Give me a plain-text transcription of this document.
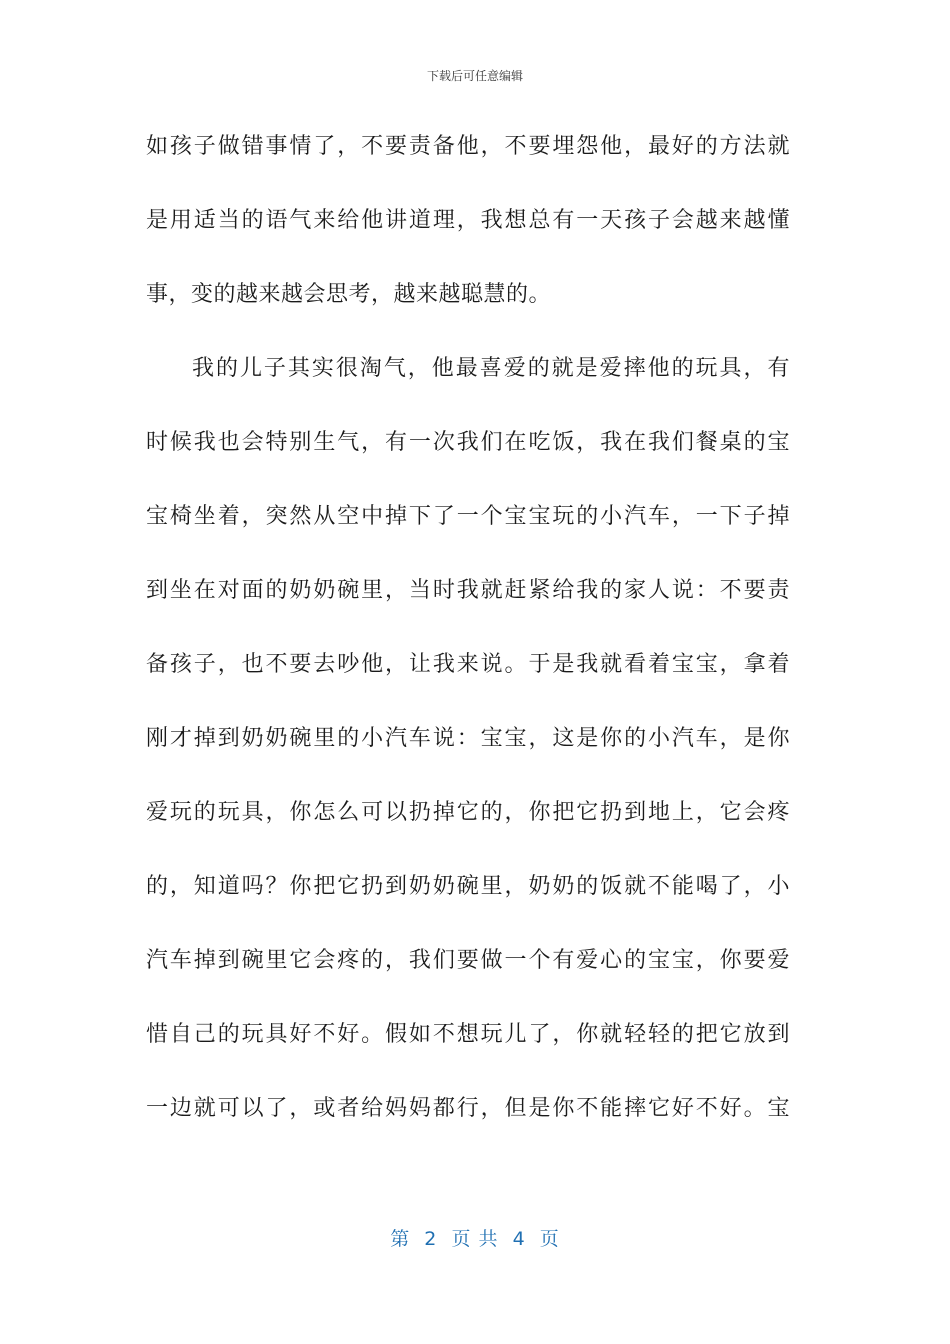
下载后可任意编辑
如孩子做错事情了，不要责备他，不要埋怨他，最好的方法就
是用适当的语气来给他讲道理，我想总有一天孩子会越来越懂
事，变的越来越会思考，越来越聪慧的。
我的儿子其实很淘气，他最喜爱的就是爱摔他的玩具，有
时候我也会特别生气，有一次我们在吃饭，我在我们餐桌的宝
宝椅坐着，突然从空中掉下了一个宝宝玩的小汽车，一下子掉
到坐在对面的奶奶碗里，当时我就赶紧给我的家人说：不要责
备孩子，也不要去吵他，让我来说。于是我就看着宝宝，拿着
刚才掉到奶奶碗里的小汽车说：宝宝，这是你的小汽车，是你
爱玩的玩具，你怎么可以扔掉它的，你把它扔到地上，它会疼
的，知道吗？你把它扔到奶奶碗里，奶奶的饭就不能喝了，小
汽车掉到碗里它会疼的，我们要做一个有爱心的宝宝，你要爱
惜自己的玩具好不好。假如不想玩儿了，你就轻轻的把它放到
一边就可以了，或者给妈妈都行，但是你不能摔它好不好。宝
第  2  页 共  4  页
